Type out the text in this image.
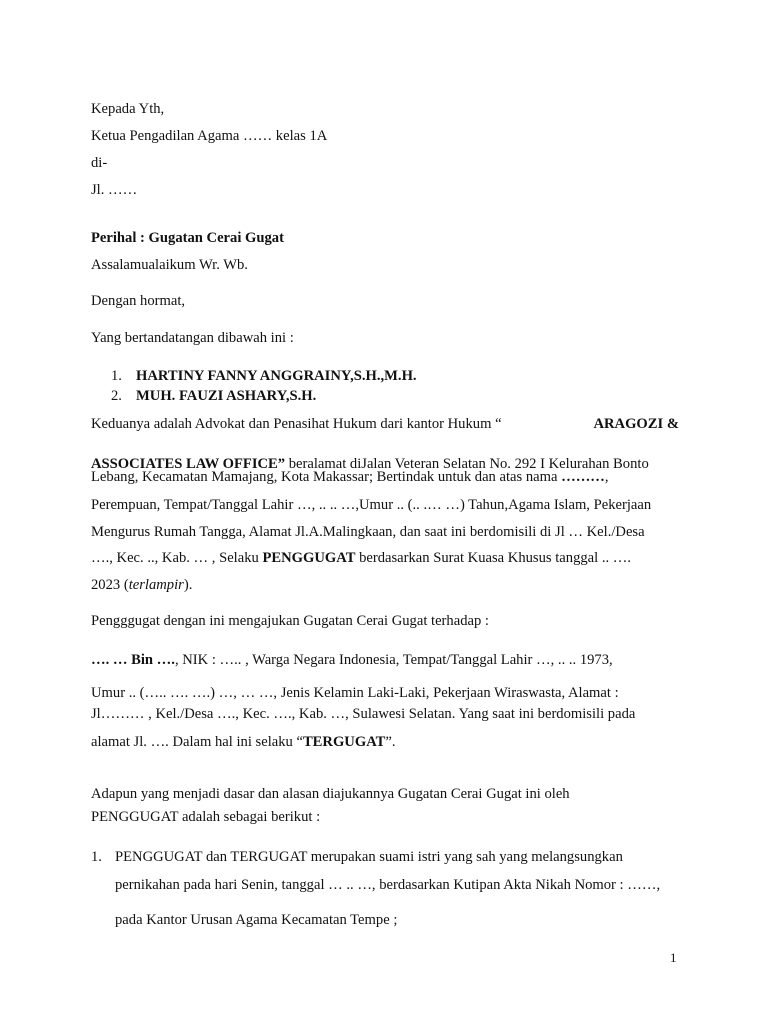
Kepada Yth,
Ketua Pengadilan Agama …… kelas 1A
di-
Jl. ……
Perihal : Gugatan Cerai Gugat
Assalamualaikum Wr. Wb.
Dengan hormat,
Yang bertandatangan dibawah ini :
1. HARTINY FANNY ANGGRAINY,S.H.,M.H.
2. MUH. FAUZI ASHARY,S.H.
Keduanya adalah Advokat dan Penasihat Hukum dari kantor Hukum “	ARAGOZI &
ASSOCIATES LAW OFFICE” beralamat diJalan Veteran Selatan No. 292 I Kelurahan Bonto
Lebang, Kecamatan Mamajang, Kota Makassar; Bertindak untuk dan atas nama ………,
Perempuan, Tempat/Tanggal Lahir …, .. .. …,Umur .. (.. .… …) Tahun,Agama Islam, Pekerjaan
Mengurus Rumah Tangga, Alamat Jl.A.Malingkaan, dan saat ini berdomisili di Jl … Kel./Desa
…., Kec. .., Kab. … , Selaku PENGGUGAT berdasarkan Surat Kuasa Khusus tanggal .. ….
2023 (terlampir).
Pengggugat dengan ini mengajukan Gugatan Cerai Gugat terhadap :
…. … Bin …., NIK : ….. , Warga Negara Indonesia, Tempat/Tanggal Lahir …, .. .. 1973,
Umur .. (….. …. ….) …, … …, Jenis Kelamin Laki-Laki, Pekerjaan Wiraswasta, Alamat :
Jl……… , Kel./Desa …., Kec. …., Kab. …, Sulawesi Selatan. Yang saat ini berdomisili pada
alamat Jl. …. Dalam hal ini selaku “TERGUGAT”.
Adapun yang menjadi dasar dan alasan diajukannya Gugatan Cerai Gugat ini oleh
PENGGUGAT adalah sebagai berikut :
1. PENGGUGAT dan TERGUGAT merupakan suami istri yang sah yang melangsungkan
pernikahan pada hari Senin, tanggal … .. …, berdasarkan Kutipan Akta Nikah Nomor : ……,
pada Kantor Urusan Agama Kecamatan Tempe ;
1
